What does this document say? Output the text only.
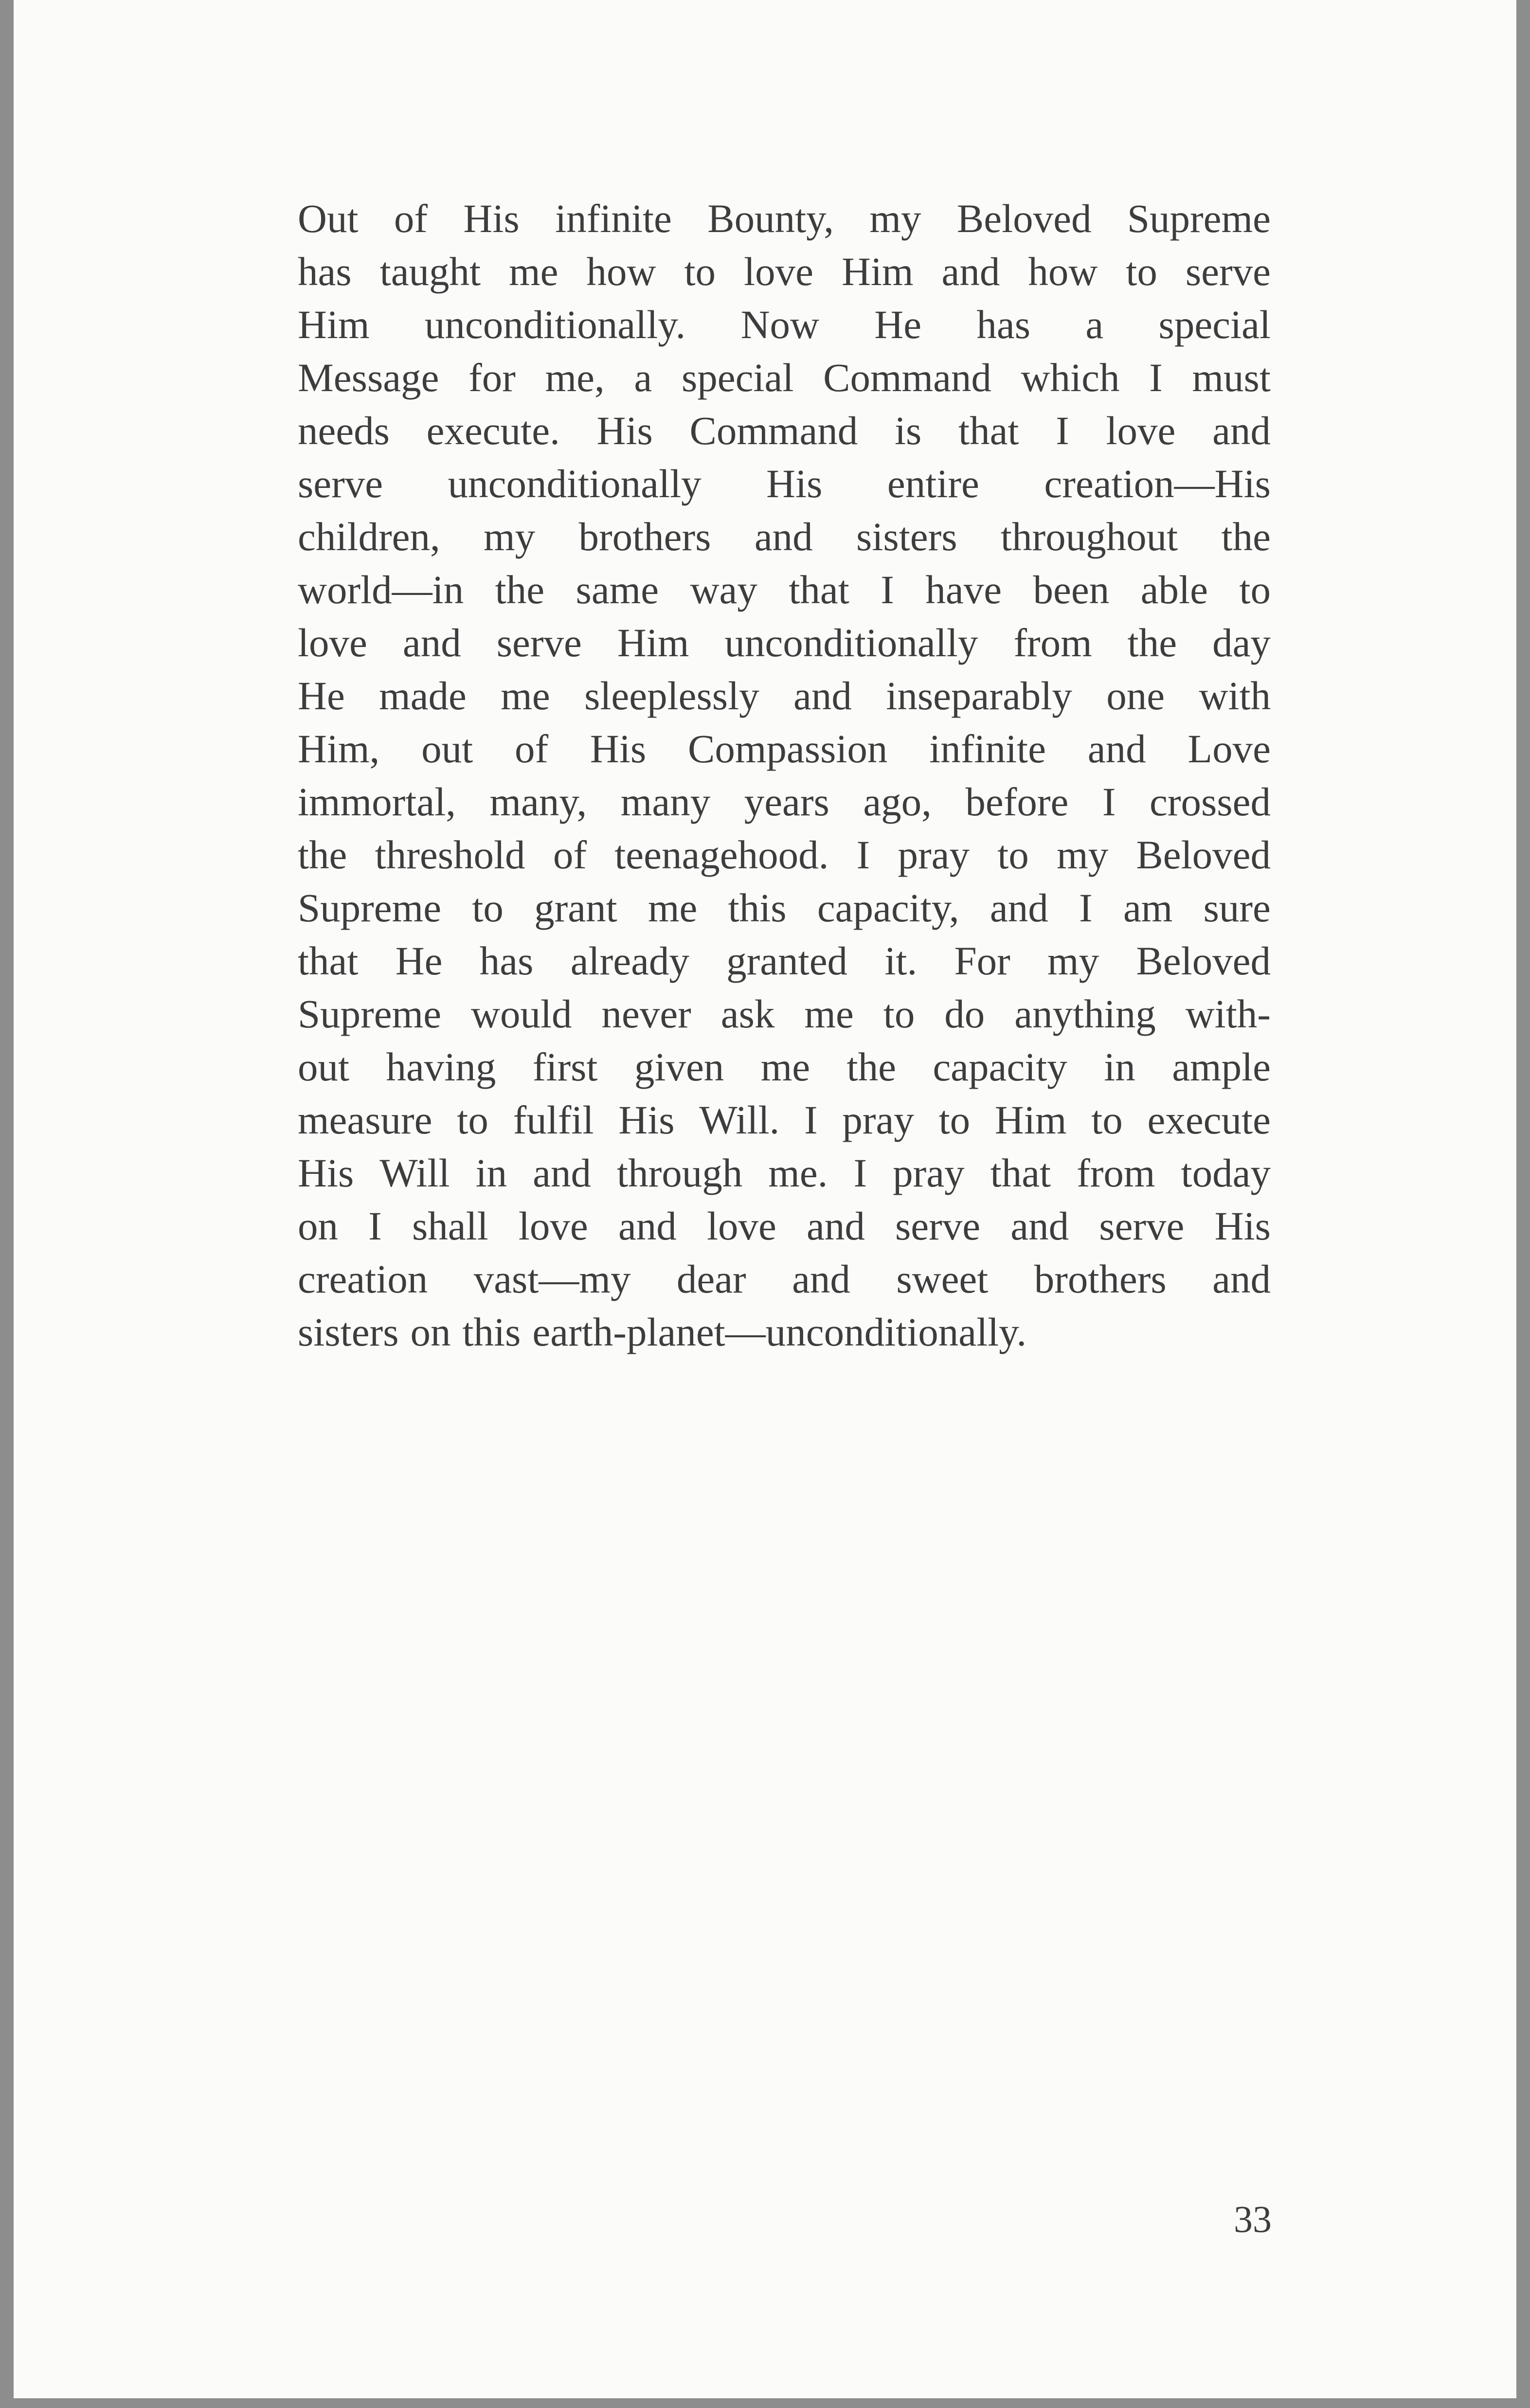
Out of His infinite Bounty, my Beloved Supreme
has taught me how to love Him and how to serve
Him unconditionally. Now He has a special
Message for me, a special Command which I must
needs execute. His Command is that I love and
serve unconditionally His entire creation—His
children, my brothers and sisters throughout the
world—in the same way that I have been able to
love and serve Him unconditionally from the day
He made me sleeplessly and inseparably one with
Him, out of His Compassion infinite and Love
immortal, many, many years ago, before I crossed
the threshold of teenagehood. I pray to my Beloved
Supreme to grant me this capacity, and I am sure
that He has already granted it. For my Beloved
Supreme would never ask me to do anything with-
out having first given me the capacity in ample
measure to fulfil His Will. I pray to Him to execute
His Will in and through me. I pray that from today
on I shall love and love and serve and serve His
creation vast—my dear and sweet brothers and
sisters on this earth-planet—unconditionally.
33
